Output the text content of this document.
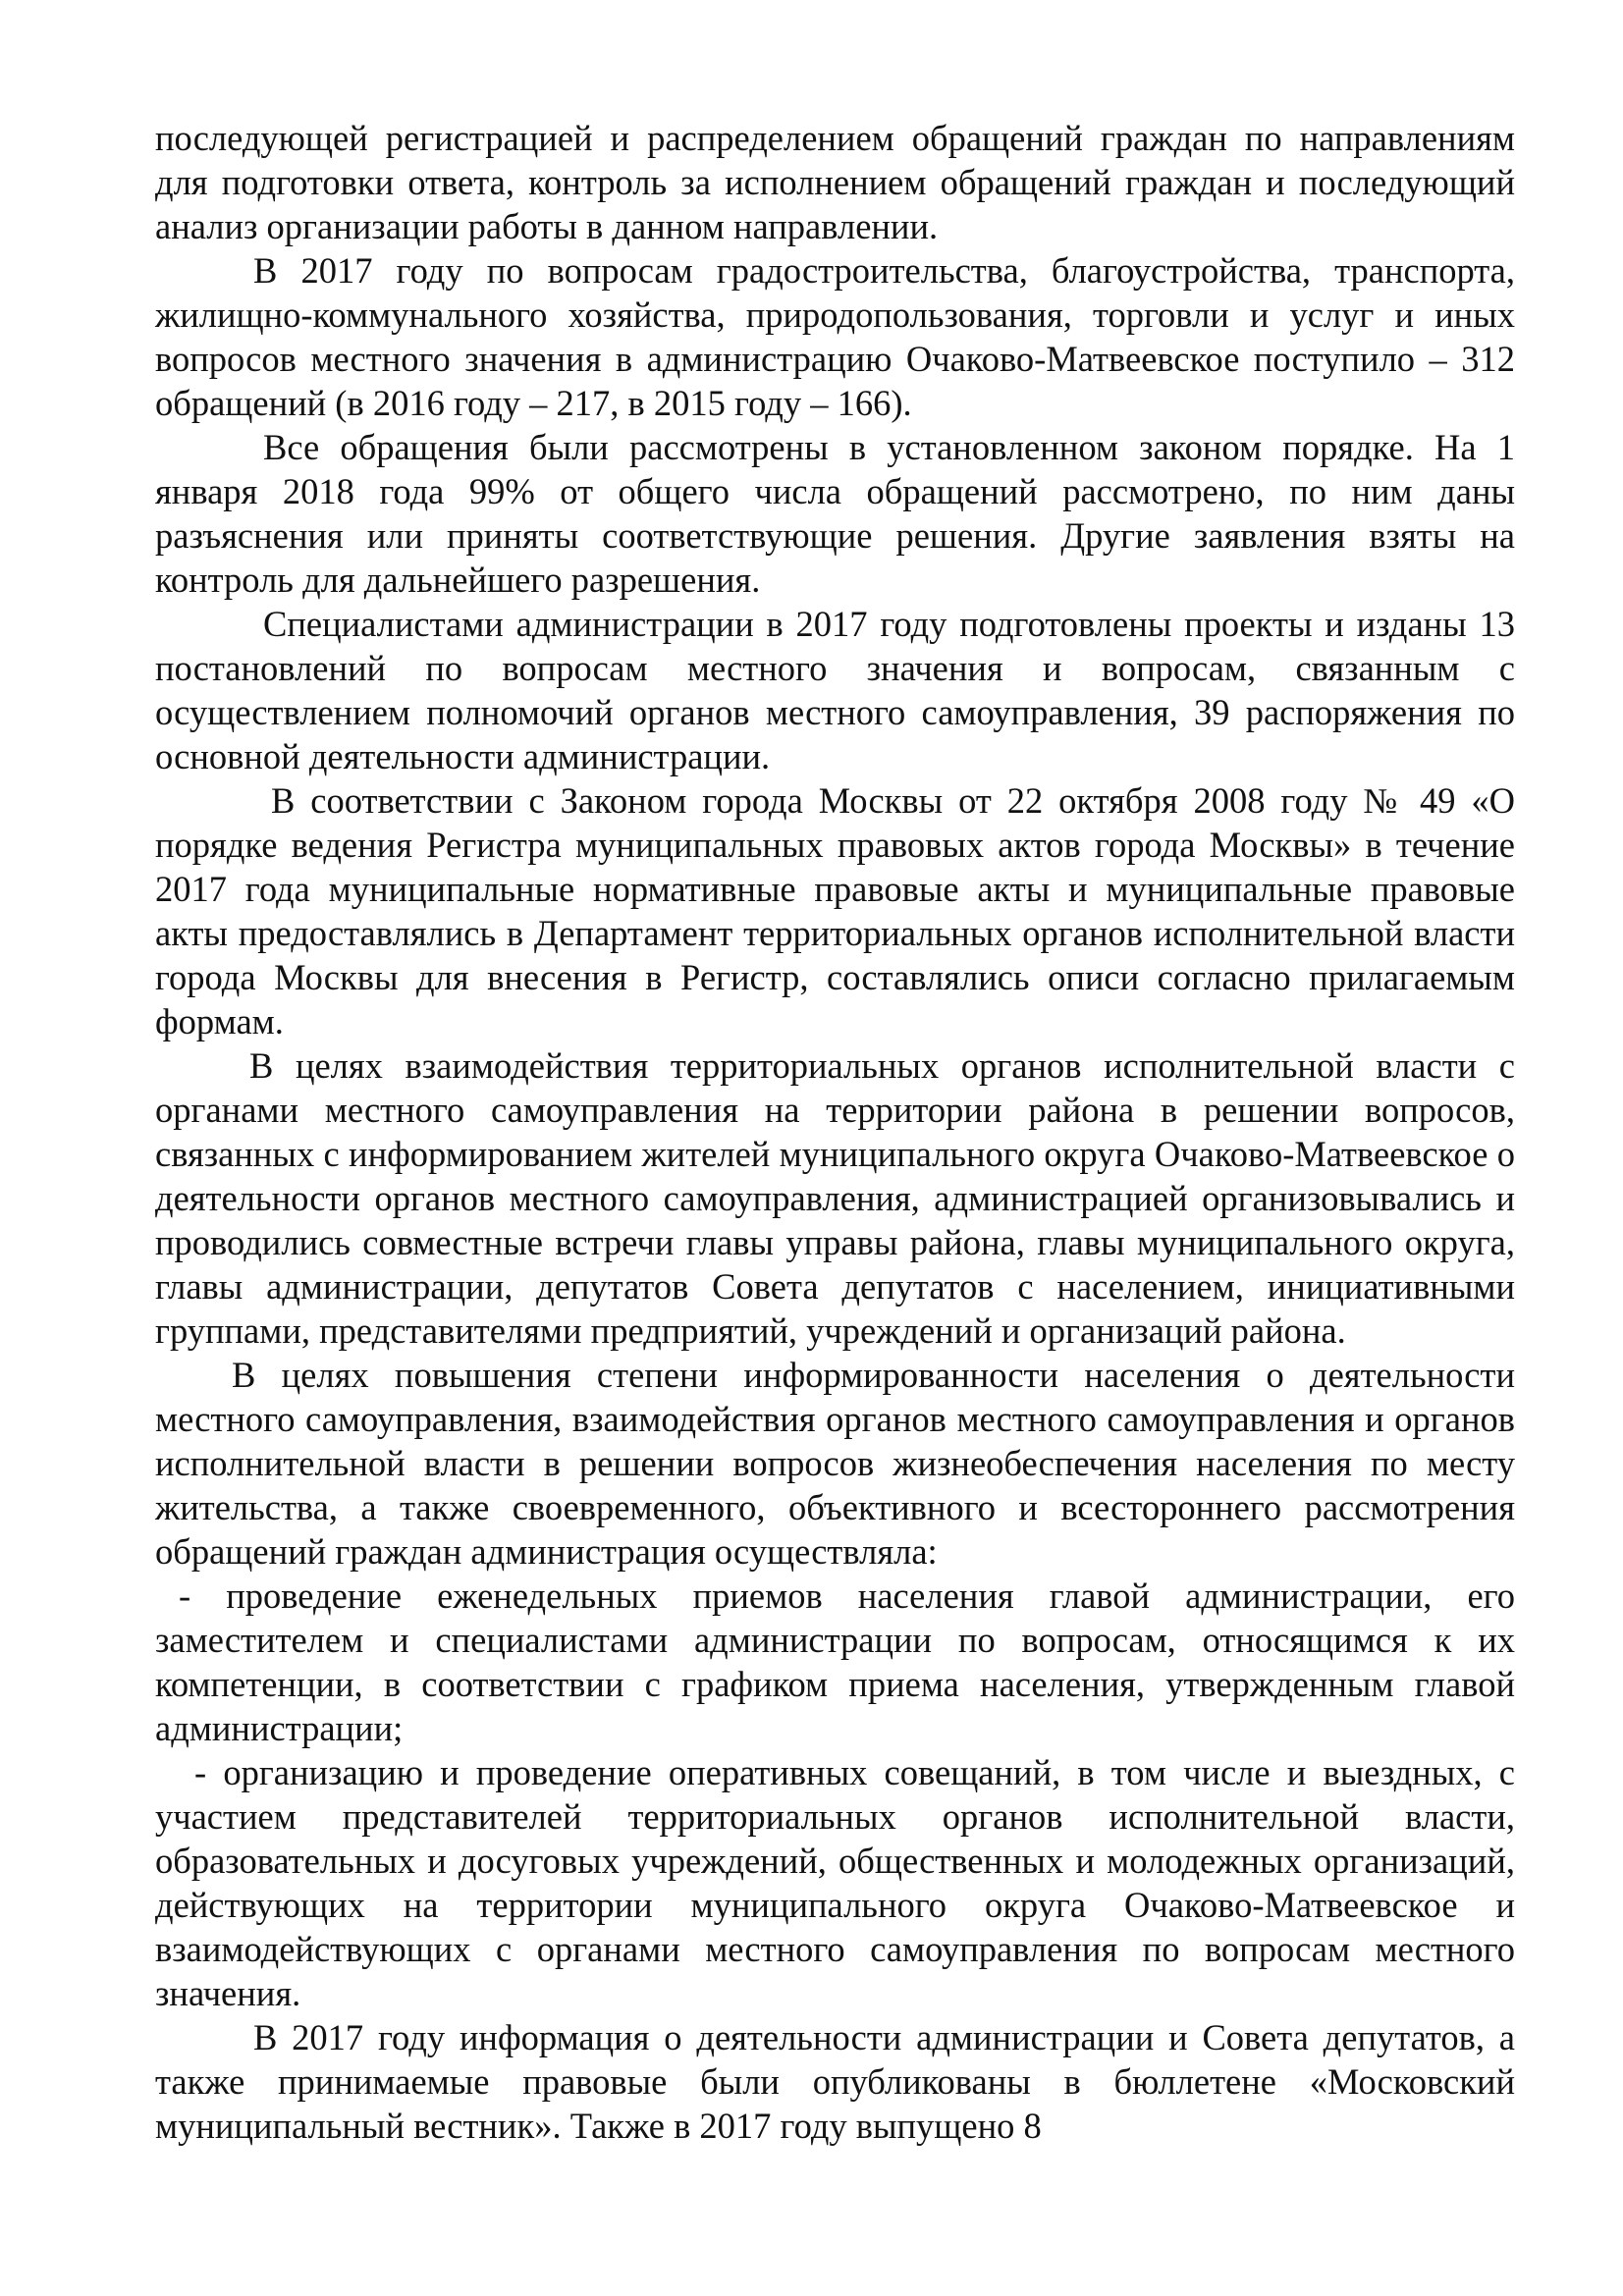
последующей регистрацией и распределением обращений граждан по направлениям для подготовки ответа, контроль за исполнением обращений граждан и последующий анализ организации работы в данном направлении.

В 2017 году по вопросам градостроительства, благоустройства, транспорта, жилищно-коммунального хозяйства, природопользования, торговли и услуг и иных вопросов местного значения в администрацию Очаково-Матвеевское поступило – 312 обращений (в 2016 году – 217, в 2015 году – 166).

Все обращения были рассмотрены в установленном законом порядке. На 1 января 2018 года 99% от общего числа обращений рассмотрено, по ним даны разъяснения или приняты соответствующие решения. Другие заявления взяты на контроль для дальнейшего разрешения.

Специалистами администрации в 2017 году подготовлены проекты и изданы 13 постановлений по вопросам местного значения и вопросам, связанным с осуществлением полномочий органов местного самоуправления, 39 распоряжения по основной деятельности администрации.

В соответствии с Законом города Москвы от 22 октября 2008 году № 49 «О порядке ведения Регистра муниципальных правовых актов города Москвы» в течение 2017 года муниципальные нормативные правовые акты и муниципальные правовые акты предоставлялись в Департамент территориальных органов исполнительной власти города Москвы для внесения в Регистр, составлялись описи согласно прилагаемым формам.

В целях взаимодействия территориальных органов исполнительной власти с органами местного самоуправления на территории района в решении вопросов, связанных с информированием жителей муниципального округа Очаково-Матвеевское о деятельности органов местного самоуправления, администрацией организовывались и проводились совместные встречи главы управы района, главы муниципального округа, главы администрации, депутатов Совета депутатов с населением, инициативными группами, представителями предприятий, учреждений и организаций района.

В целях повышения степени информированности населения о деятельности местного самоуправления, взаимодействия органов местного самоуправления и органов исполнительной власти в решении вопросов жизнеобеспечения населения по месту жительства, а также своевременного, объективного и всестороннего рассмотрения обращений граждан администрация осуществляла:

- проведение еженедельных приемов населения главой администрации, его заместителем и специалистами администрации по вопросам, относящимся к их компетенции, в соответствии с графиком приема населения, утвержденным главой администрации;

- организацию и проведение оперативных совещаний, в том числе и выездных, с участием представителей территориальных органов исполнительной власти, образовательных и досуговых учреждений, общественных и молодежных организаций, действующих на территории муниципального округа Очаково-Матвеевское и взаимодействующих с органами местного самоуправления по вопросам местного значения.

В 2017 году информация о деятельности администрации и Совета депутатов, а также принимаемые правовые были опубликованы в бюллетене «Московский муниципальный вестник». Также в 2017 году выпущено 8
